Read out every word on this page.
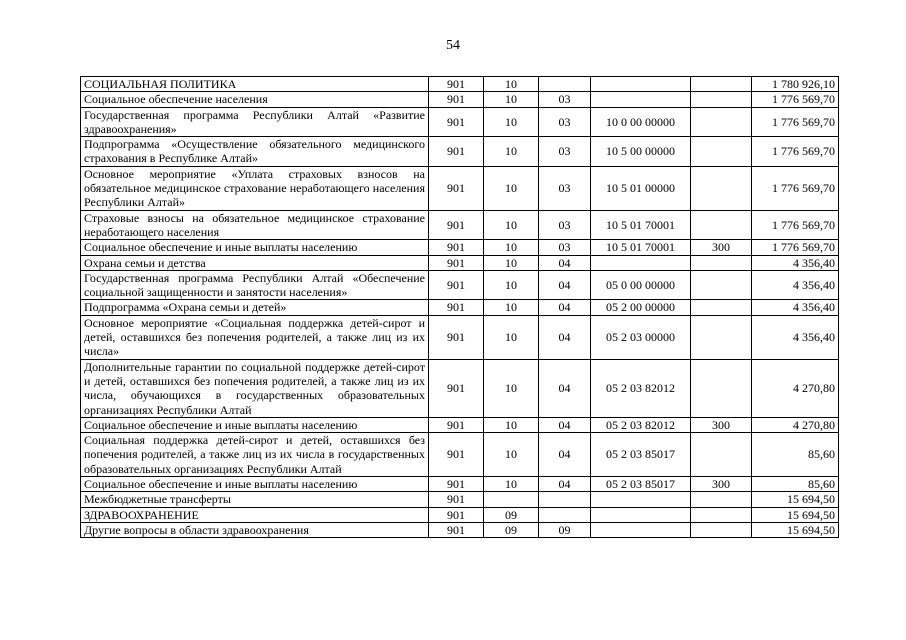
54
СОЦИАЛЬНАЯ ПОЛИТИКА	901	10				1 780 926,10
Социальное обеспечение населения	901	10	03			1 776 569,70
Государственная программа Республики Алтай «Развитие здравоохранения»	901	10	03	10 0 00 00000		1 776 569,70
Подпрограмма «Осуществление обязательного медицинского страхования в Республике Алтай»	901	10	03	10 5 00 00000		1 776 569,70
Основное мероприятие «Уплата страховых взносов на обязательное медицинское страхование неработающего населения Республики Алтай»	901	10	03	10 5 01 00000		1 776 569,70
Страховые взносы на обязательное медицинское страхование неработающего населения	901	10	03	10 5 01 70001		1 776 569,70
Социальное обеспечение и иные выплаты населению	901	10	03	10 5 01 70001	300	1 776 569,70
Охрана семьи и детства	901	10	04			4 356,40
Государственная программа Республики Алтай «Обеспечение социальной защищенности и занятости населения»	901	10	04	05 0 00 00000		4 356,40
Подпрограмма «Охрана семьи и детей»	901	10	04	05 2 00 00000		4 356,40
Основное мероприятие «Социальная поддержка детей-сирот и детей, оставшихся без попечения родителей, а также лиц из их числа»	901	10	04	05 2 03 00000		4 356,40
Дополнительные гарантии по социальной поддержке детей-сирот и детей, оставшихся без попечения родителей, а также лиц из их числа, обучающихся в государственных образовательных организациях Республики Алтай	901	10	04	05 2 03 82012		4 270,80
Социальное обеспечение и иные выплаты населению	901	10	04	05 2 03 82012	300	4 270,80
Социальная поддержка детей-сирот и детей, оставшихся без попечения родителей, а также лиц из их числа в государственных образовательных организациях Республики Алтай	901	10	04	05 2 03 85017		85,60
Социальное обеспечение и иные выплаты населению	901	10	04	05 2 03 85017	300	85,60
Межбюджетные трансферты	901					15 694,50
ЗДРАВООХРАНЕНИЕ	901	09				15 694,50
Другие вопросы в области здравоохранения	901	09	09			15 694,50
